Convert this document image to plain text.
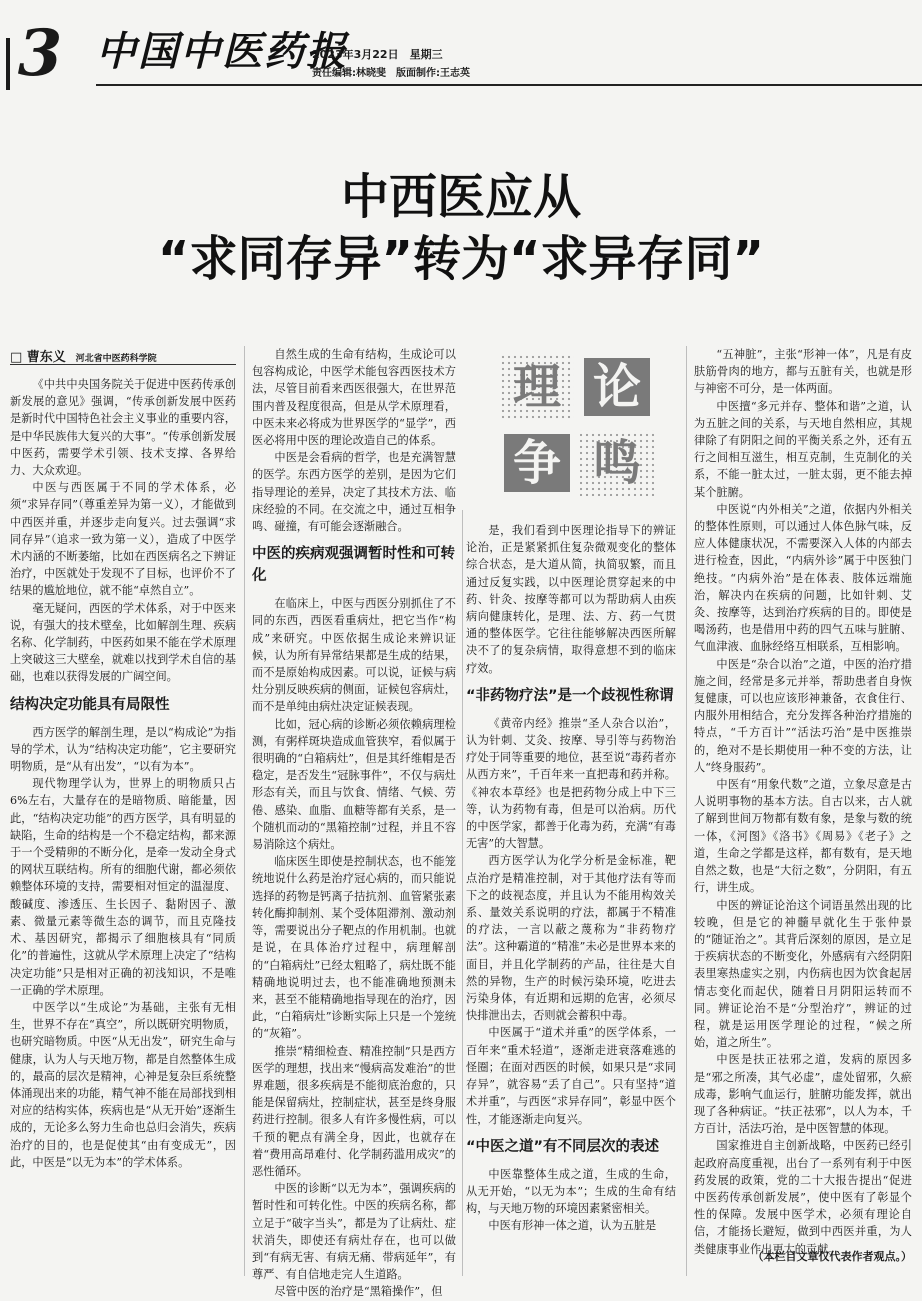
3 中国中医药报
2023年3月22日　星期三
责任编辑:林晓斐　版面制作:王志英
中西医应从
“求同存异”转为“求异存同”
□ 曹东义 河北省中医药科学院

《中共中央国务院关于促进中医药传承创新发展的意见》强调，“传承创新发展中医药是新时代中国特色社会主义事业的重要内容，是中华民族伟大复兴的大事”。“传承创新发展中医药，需要学术引领、技术支撑、各界给力、大众欢迎。

中医与西医属于不同的学术体系，必须“求异存同”（尊重差异为第一义），才能做到中西医并重，并逐步走向复兴。过去强调“求同存异”（追求一致为第一义），造成了中医学术内涵的不断萎缩，比如在西医病名之下辨证治疗，中医就处于发现不了目标，也评价不了结果的尴尬地位，就不能“卓然自立”。

毫无疑问，西医的学术体系，对于中医来说，有强大的技术壁垒，比如解剖生理、疾病名称、化学制药，中医药如果不能在学术原理上突破这三大壁垒，就难以找到学术自信的基础，也难以获得发展的广阔空间。

结构决定功能具有局限性

西方医学的解剖生理，是以“构成论”为指导的学术，认为“结构决定功能”，它主要研究明物质，是“从有出发”，“以有为本”。

现代物理学认为，世界上的明物质只占6%左右，大量存在的是暗物质、暗能量，因此，“结构决定功能”的西方医学，具有明显的缺陷，生命的结构是一个不稳定结构，都来源于一个受精卵的不断分化，是牵一发动全身式的网状互联结构。所有的细胞代谢，都必须依赖整体环境的支持，需要相对恒定的温湿度、酸碱度、渗透压、生长因子、黏附因子、激素、微量元素等微生态的调节，而且克隆技术、基因研究，都揭示了细胞核具有“同质化”的普遍性，这就从学术原理上决定了“结构决定功能”只是相对正确的初浅知识，不是唯一正确的学术原理。

中医学以“生成论”为基础，主张有无相生，世界不存在“真空”，所以既研究明物质，也研究暗物质。中医“从无出发”，研究生命与健康，认为人与天地万物，都是自然整体生成的，最高的层次是精神，心神是复杂巨系统整体涌现出来的功能，精气神不能在局部找到相对应的结构实体，疾病也是“从无开始”逐渐生成的，无论多么努力生命也总归会消失，疾病治疗的目的，也是促使其“由有变成无”，因此，中医是“以无为本”的学术体系。

自然生成的生命有结构，生成论可以包容构成论，中医学术能包容西医技术方法，尽管目前看来西医很强大，在世界范围内普及程度很高，但是从学术原理看，中医未来必将成为世界医学的“显学”，西医必将用中医的理论改造自己的体系。

中医是会看病的哲学，也是充满智慧的医学。东西方医学的差别，是因为它们指导理论的差异，决定了其技术方法、临床经验的不同。在交流之中，通过互相争鸣、碰撞，有可能会逐渐融合。

中医的疾病观强调暂时性和可转化

在临床上，中医与西医分别抓住了不同的东西，西医看重病灶，把它当作“构成”来研究。中医依据生成论来辨识证候，认为所有异常结果都是生成的结果，而不是原始构成因素。可以说，证候与病灶分别反映疾病的侧面，证候包容病灶，而不是单纯由病灶决定证候表现。

比如，冠心病的诊断必须依赖病理检测，有粥样斑块造成血管狭窄，看似属于很明确的“白箱病灶”，但是其纤维帽是否稳定，是否发生“冠脉事件”，不仅与病灶形态有关，而且与饮食、情绪、气候、劳倦、感染、血脂、血糖等都有关系，是一个随机而动的“黑箱控制”过程，并且不容易消除这个病灶。

临床医生即使是控制状态，也不能笼统地说什么药是治疗冠心病的，而只能说选择的药物是钙离子拮抗剂、血管紧张素转化酶抑制剂、某个受体阻滞剂、激动剂等，需要说出分子靶点的作用机制。也就是说，在具体治疗过程中，病理解剖的“白箱病灶”已经太粗略了，病灶既不能精确地说明过去，也不能准确地预测未来，甚至不能精确地指导现在的治疗，因此，“白箱病灶”诊断实际上只是一个笼统的“灰箱”。

推崇“精细检查、精准控制”只是西方医学的理想，找出来“慢病高发难治”的世界难题，很多疾病是不能彻底治愈的，只能是保留病灶，控制症状，甚至是终身服药进行控制。很多人有许多慢性病，可以千预的靶点有满全身，因此，也就存在着“费用高昂难付、化学制药滥用成灾”的恶性循环。

中医的诊断“以无为本”，强调疾病的暂时性和可转化性。中医的疾病名称，都立足于“破字当头”，都是为了让病灶、症状消失，即使还有病灶存在，也可以做到“有病无害、有病无痛、带病延年”，有尊严、有自信地走完人生道路。

尽管中医的治疗是“黑箱操作”，但

理 论
争 鸣

是，我们看到中医理论指导下的辨证论治，正是紧紧抓住复杂微观变化的整体综合状态，是大道从简，执简驭繁，而且通过反复实践，以中医理论贯穿起来的中药、针灸、按摩等都可以为帮助病人由疾病向健康转化，是理、法、方、药一气贯通的整体医学。它往往能够解决西医所解决不了的复杂病情，取得意想不到的临床疗效。

“非药物疗法”是一个歧视性称谓

《黄帝内经》推崇“圣人杂合以治”，认为针刺、艾灸、按摩、导引等与药物治疗处于同等重要的地位，甚至说“毒药者亦从西方来”，千百年来一直把毒和药并称。《神农本草经》也是把药物分成上中下三等，认为药物有毒，但是可以治病。历代的中医学家，都善于化毒为药，充满“有毒无害”的大智慧。

西方医学认为化学分析是金标准，靶点治疗是精准控制，对于其他疗法有等而下之的歧视态度，并且认为不能用构效关系、量效关系说明的疗法，都属于不精准的疗法，一言以蔽之蔑称为“非药物疗法”。这种霸道的“精准”未必是世界本来的面目，并且化学制药的产品，往往是大自然的异物，生产的时候污染环境，吃进去污染身体，有近期和远期的危害，必须尽快排泄出去，否则就会蓄积中毒。

中医属于“道术并重”的医学体系，一百年来“重术轻道”，逐渐走进衰落难逃的怪圈；在面对西医的时候，如果只是“求同存异”，就容易“丢了自己”。只有坚持“道术并重”，与西医“求异存同”，彰显中医个性，才能逐渐走向复兴。

“中医之道”有不同层次的表述

中医靠整体生成之道，生成的生命，从无开始，“以无为本”；生成的生命有结构，与天地万物的环境因素紧密相关。

中医有形神一体之道，认为五脏是

“五神脏”，主张“形神一体”，凡是有皮肤筋骨肉的地方，都与五脏有关，也就是形与神密不可分，是一体两面。

中医擅“多元并存、整体和谐”之道，认为五脏之间的关系，与天地自然相应，其规律除了有阴阳之间的平衡关系之外，还有五行之间相互滋生，相互克制，生克制化的关系，不能一脏太过，一脏太弱，更不能去掉某个脏腑。

中医说“内外相关”之道，依据内外相关的整体性原则，可以通过人体色脉气味，反应人体健康状况，不需要深入人体的内部去进行检查，因此，“内病外诊”属于中医独门绝技。“内病外治”是在体表、肢体远端施治，解决内在疾病的问题，比如针刺、艾灸、按摩等，达到治疗疾病的目的。即使是喝汤药，也是借用中药的四气五味与脏腑、气血津液、血脉经络互相联系，互相影响。

中医是“杂合以治”之道，中医的治疗措施之间，经常是多元并举，帮助患者自身恢复健康，可以也应该形神兼备，衣食住行、内服外用相结合，充分发挥各种治疗措施的特点，“千方百计”“活法巧治”是中医推崇的，绝对不是长期使用一种不变的方法，让人“终身服药”。

中医有“用象代数”之道，立象尽意是古人说明事物的基本方法。自古以来，古人就了解到世间万物都有数有象，是象与数的统一体，《河图》《洛书》《周易》《老子》之道，生命之学都是这样，都有数有，是天地自然之数，也是“大衍之数”，分阴阳，有五行，讲生成。

中医的辨证论治这个词语虽然出现的比较晚，但是它的神髓早就化生于张仲景的“随证治之”。其背后深刻的原因，是立足于疾病状态的不断变化，外感病有六经阴阳表里寒热虚实之别，内伤病也因为饮食起居情志变化而起伏，随着日月阴阳运转而不同。辨证论治不是“分型治疗”，辨证的过程，就是运用医学理论的过程，“候之所始，道之所生”。

中医是扶正祛邪之道，发病的原因多是“邪之所凑，其气必虚”，虚处留邪，久瘀成毒，影响气血运行，脏腑功能发挥，就出现了各种病证。“扶正祛邪”，以人为本，千方百计，活法巧治，是中医智慧的体现。

国家推进自主创新战略，中医药已经引起政府高度重视，出台了一系列有利于中医药发展的政策，党的二十大报告提出“促进中医药传承创新发展”，使中医有了彰显个性的保障。发展中医学术，必须有理论自信，才能扬长避短，做到中西医并重，为人类健康事业作出更大的贡献。

（本栏目文章仅代表作者观点。）
